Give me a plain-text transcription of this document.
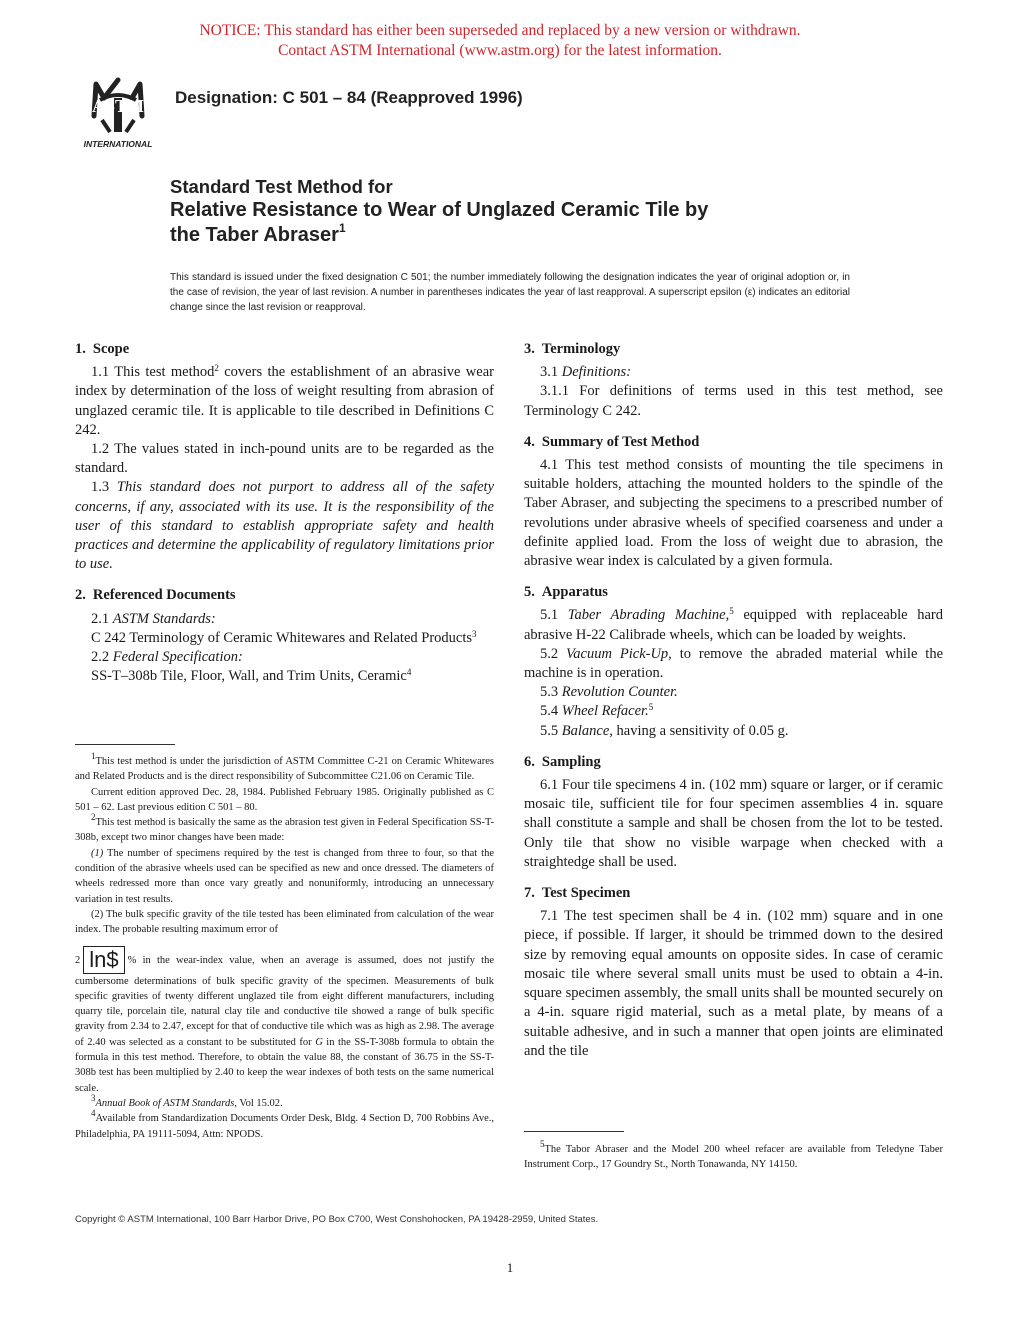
NOTICE: This standard has either been superseded and replaced by a new version or withdrawn.
Contact ASTM International (www.astm.org) for the latest information.
ASTM
INTERNATIONAL
Designation: C 501 – 84 (Reapproved 1996)
Standard Test Method for
Relative Resistance to Wear of Unglazed Ceramic Tile by
the Taber Abraser$^1$
This standard is issued under the fixed designation C 501; the number immediately following the designation indicates the year of original adoption or, in the case of revision, the year of last revision. A number in parentheses indicates the year of last reapproval. A superscript epsilon (ε) indicates an editorial change since the last revision or reapproval.
1. Scope

1.1 This test method$^2$ covers the establishment of an abrasive wear index by determination of the loss of weight resulting from abrasion of unglazed ceramic tile. It is applicable to tile described in Definitions C 242.

1.2 The values stated in inch-pound units are to be regarded as the standard.

1.3 This standard does not purport to address all of the safety concerns, if any, associated with its use. It is the responsibility of the user of this standard to establish appropriate safety and health practices and determine the applicability of regulatory limitations prior to use.

2. Referenced Documents

2.1 ASTM Standards:

C 242 Terminology of Ceramic Whitewares and Related Products$^3$

2.2 Federal Specification:

SS-T–308b Tile, Floor, Wall, and Trim Units, Ceramic$^4$

3. Terminology

3.1 Definitions:

3.1.1 For definitions of terms used in this test method, see Terminology C 242.

4. Summary of Test Method

4.1 This test method consists of mounting the tile specimens in suitable holders, attaching the mounted holders to the spindle of the Taber Abraser, and subjecting the specimens to a prescribed number of revolutions under abrasive wheels of specified coarseness and under a definite applied load. From the loss of weight due to abrasion, the abrasive wear index is calculated by a given formula.

5. Apparatus

5.1 Taber Abrading Machine,$^5$ equipped with replaceable hard abrasive H-22 Calibrade wheels, which can be loaded by weights.

5.2 Vacuum Pick-Up, to remove the abraded material while the machine is in operation.

5.3 Revolution Counter.

5.4 Wheel Refacer.$^5$

5.5 Balance, having a sensitivity of 0.05 g.

6. Sampling

6.1 Four tile specimens 4 in. (102 mm) square or larger, or if ceramic mosaic tile, sufficient tile for four specimen assemblies 4 in. square shall constitute a sample and shall be chosen from the lot to be tested. Only tile that show no visible warpage when checked with a straightedge shall be used.

7. Test Specimen

7.1 The test specimen shall be 4 in. (102 mm) square and in one piece, if possible. If larger, it should be trimmed down to the desired size by removing equal amounts on opposite sides. In case of ceramic mosaic tile where several small units must be used to obtain a 4-in. square specimen assembly, the small units shall be mounted securely on a 4-in. square rigid material, such as a metal plate, by means of a suitable adhesive, and in such a manner that open joints are eliminated and the tile

$^1$This test method is under the jurisdiction of ASTM Committee C-21 on Ceramic Whitewares and Related Products and is the direct responsibility of Subcommittee C21.06 on Ceramic Tile.

Current edition approved Dec. 28, 1984. Published February 1985. Originally published as C 501 – 62. Last previous edition C 501 – 80.

$^2$This test method is basically the same as the abrasion test given in Federal Specification SS-T-308b, except two minor changes have been made:

(1) The number of specimens required by the test is changed from three to four, so that the condition of the abrasive wheels used can be specified as new and once dressed. The diameters of wheels redressed more than once vary greatly and nonuniformly, introducing an unnecessary variation in test results.

(2) The bulk specific gravity of the tile tested has been eliminated from calculation of the wear index. The probable resulting maximum error of

2 ln$ % in the wear-index value, when an average is assumed, does not justify the cumbersome determinations of bulk specific gravity of the specimen. Measurements of bulk specific gravities of twenty different unglazed tile from eight different manufacturers, including quarry tile, porcelain tile, natural clay tile and conductive tile showed a range of bulk specific gravity from 2.34 to 2.47, except for that of conductive tile which was as high as 2.98. The average of 2.40 was selected as a constant to be substituted for G in the SS-T-308b formula to obtain the formula in this test method. Therefore, to obtain the value 88, the constant of 36.75 in the SS-T-308b test has been multiplied by 2.40 to keep the wear indexes of both tests on the same numerical scale.

$^3$Annual Book of ASTM Standards, Vol 15.02.

$^4$Available from Standardization Documents Order Desk, Bldg. 4 Section D, 700 Robbins Ave., Philadelphia, PA 19111-5094, Attn: NPODS.

$^5$The Tabor Abraser and the Model 200 wheel refacer are available from Teledyne Taber Instrument Corp., 17 Goundry St., North Tonawanda, NY 14150.

Copyright © ASTM International, 100 Barr Harbor Drive, PO Box C700, West Conshohocken, PA 19428-2959, United States.
1
